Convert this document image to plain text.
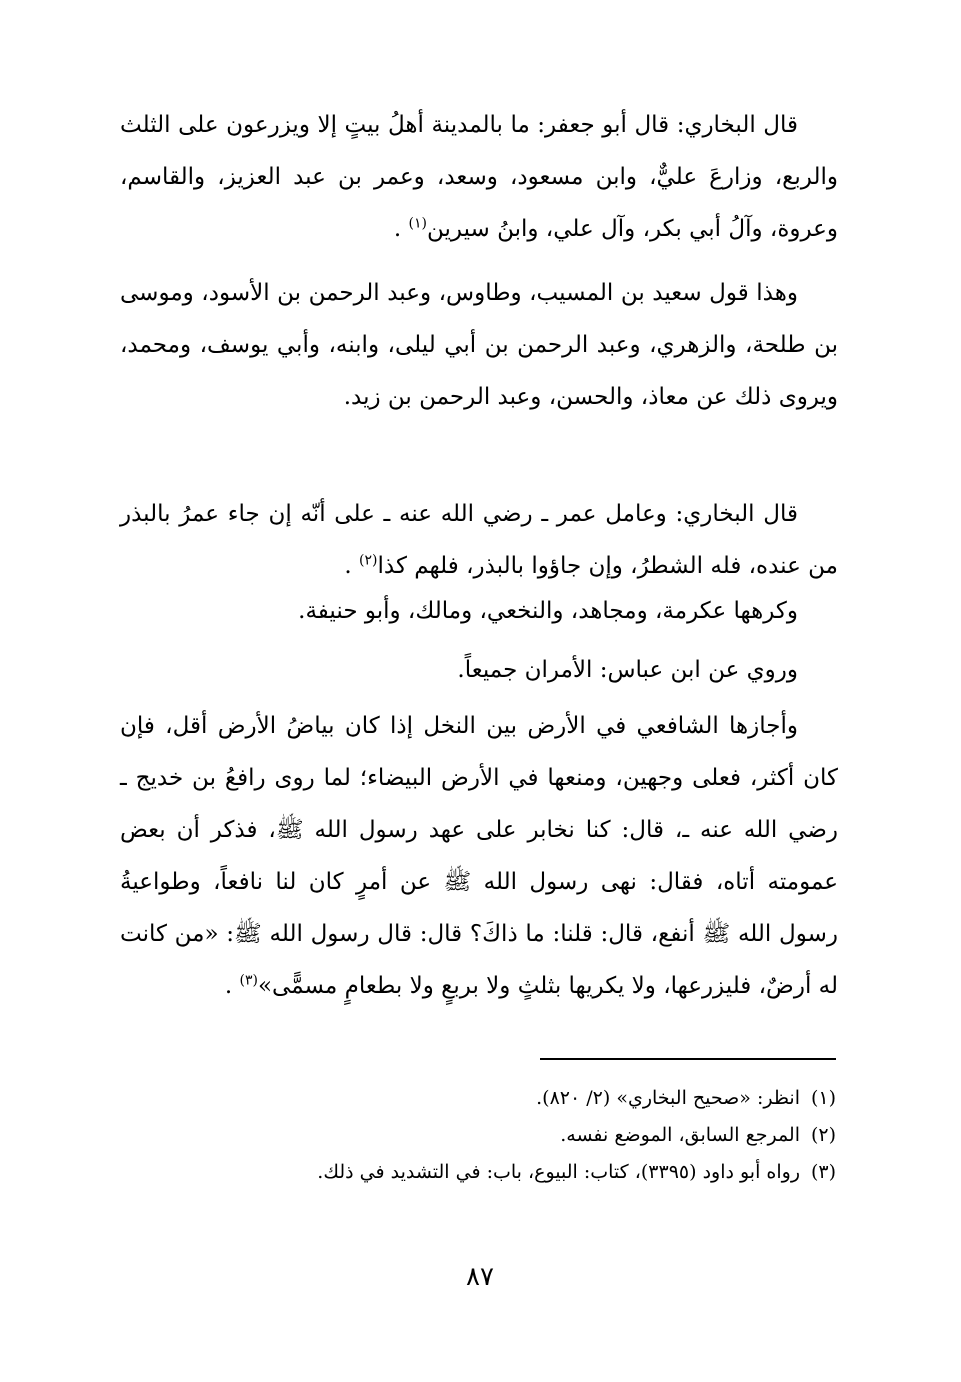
قال البخاري: قال أبو جعفر: ما بالمدينة أهلُ بيتٍ إلا ويزرعون على الثلث والربع، وزارعَ عليٌّ، وابن مسعود، وسعد، وعمر بن عبد العزيز، والقاسم، وعروة، وآلُ أبي بكر، وآل علي، وابنُ سيرين$^{(١)}$ .

وهذا قول سعيد بن المسيب، وطاوس، وعبد الرحمن بن الأسود، وموسى بن طلحة، والزهري، وعبد الرحمن بن أبي ليلى، وابنه، وأبي يوسف، ومحمد، ويروى ذلك عن معاذ، والحسن، وعبد الرحمن بن زيد.

قال البخاري: وعامل عمر ـ رضي الله عنه ـ على أنّه إن جاء عمرُ بالبذر من عنده، فله الشطرُ، وإن جاؤوا بالبذر، فلهم كذا$^{(٢)}$ .

وكرهها عكرمة، ومجاهد، والنخعي، ومالك، وأبو حنيفة.

وروي عن ابن عباس: الأمران جميعاً.

وأجازها الشافعي في الأرض بين النخل إذا كان بياضُ الأرض أقل، فإن كان أكثر، فعلى وجهين، ومنعها في الأرض البيضاء؛ لما روى رافعُ بن خديج ـ رضي الله عنه ـ، قال: كنا نخابر على عهد رسول الله ﷺ، فذكر أن بعض عمومته أتاه، فقال: نهى رسول الله ﷺ عن أمرٍ كان لنا نافعاً، وطواعيةُ رسول الله ﷺ أنفع، قال: قلنا: ما ذاكَ؟ قال: قال رسول الله ﷺ: «من كانت له أرضٌ، فليزرعها، ولا يكريها بثلثٍ ولا بربعٍ ولا بطعامٍ مسمًّى»$^{(٣)}$ .

(١)انظر: «صحيح البخاري» (٢/ ٨٢٠).
(٢)المرجع السابق، الموضع نفسه.
(٣)رواه أبو داود (٣٣٩٥)، كتاب: البيوع، باب: في التشديد في ذلك.
٨٧
